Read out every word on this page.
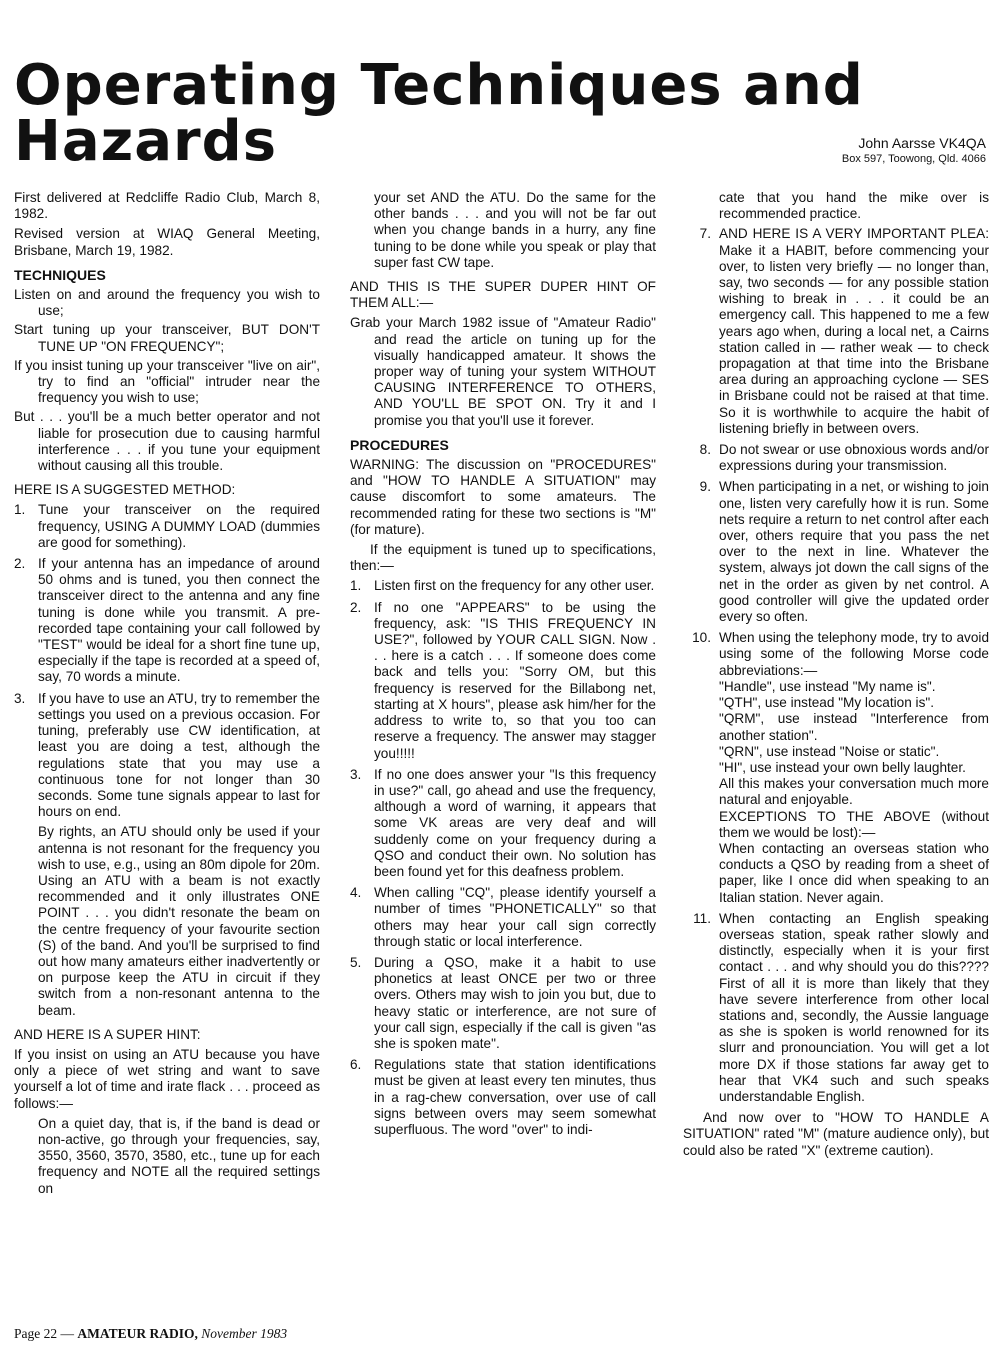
Operating Techniques and
Hazards	John Aarsse VK4QA
Box 597, Toowong, Qld. 4066

First delivered at Redcliffe Radio Club, March 8, 1982.

Revised version at WIAQ General Meeting, Brisbane, March 19, 1982.

TECHNIQUES

Listen on and around the frequency you wish to use;

Start tuning up your transceiver, BUT DON'T TUNE UP "ON FREQUENCY";

If you insist tuning up your transceiver "live on air", try to find an "official" intruder near the frequency you wish to use;

But . . . you'll be a much better operator and not liable for prosecution due to causing harmful interference . . . if you tune your equipment without causing all this trouble.

HERE IS A SUGGESTED METHOD:
1. Tune your transceiver on the required frequency, USING A DUMMY LOAD (dummies are good for something).
2. If your antenna has an impedance of around 50 ohms and is tuned, you then connect the transceiver direct to the antenna and any fine tuning is done while you transmit. A pre-recorded tape containing your call followed by "TEST" would be ideal for a short fine tune up, especially if the tape is recorded at a speed of, say, 70 words a minute.
3. If you have to use an ATU, try to remember the settings you used on a previous occasion. For tuning, preferably use CW identification, at least you are doing a test, although the regulations state that you may use a continuous tone for not longer than 30 seconds. Some tune signals appear to last for hours on end.
By rights, an ATU should only be used if your antenna is not resonant for the frequency you wish to use, e.g., using an 80m dipole for 20m. Using an ATU with a beam is not exactly recommended and it only illustrates ONE POINT . . . you didn't resonate the beam on the centre frequency of your favourite section (S) of the band. And you'll be surprised to find out how many amateurs either inadvertently or on purpose keep the ATU in circuit if they switch from a non-resonant antenna to the beam.
AND HERE IS A SUPER HINT:

If you insist on using an ATU because you have only a piece of wet string and want to save yourself a lot of time and irate flack . . . proceed as follows:—

On a quiet day, that is, if the band is dead or non-active, go through your frequencies, say, 3550, 3560, 3570, 3580, etc., tune up for each frequency and NOTE all the required settings on

your set AND the ATU. Do the same for the other bands . . . and you will not be far out when you change bands in a hurry, any fine tuning to be done while you speak or play that super fast CW tape.

AND THIS IS THE SUPER DUPER HINT OF THEM ALL:—

Grab your March 1982 issue of "Amateur Radio" and read the article on tuning up for the visually handicapped amateur. It shows the proper way of tuning your system WITHOUT CAUSING INTERFERENCE TO OTHERS, AND YOU'LL BE SPOT ON. Try it and I promise you that you'll use it forever.

PROCEDURES

WARNING: The discussion on "PROCEDURES" and "HOW TO HANDLE A SITUATION" may cause discomfort to some amateurs. The recommended rating for these two sections is "M" (for mature).

If the equipment is tuned up to specifications, then:—

1. Listen first on the frequency for any other user.
2. If no one "APPEARS" to be using the frequency, ask: "IS THIS FREQUENCY IN USE?", followed by YOUR CALL SIGN. Now . . . here is a catch . . . If someone does come back and tells you: "Sorry OM, but this frequency is reserved for the Billabong net, starting at X hours", please ask him/her for the address to write to, so that you too can reserve a frequency. The answer may stagger you!!!!!
3. If no one does answer your "Is this frequency in use?" call, go ahead and use the frequency, although a word of warning, it appears that some VK areas are very deaf and will suddenly come on your frequency during a QSO and conduct their own. No solution has been found yet for this deafness problem.
4. When calling "CQ", please identify yourself a number of times "PHONETICALLY" so that others may hear your call sign correctly through static or local interference.
5. During a QSO, make it a habit to use phonetics at least ONCE per two or three overs. Others may wish to join you but, due to heavy static or interference, are not sure of your call sign, especially if the call is given "as she is spoken mate".
6. Regulations state that station identifications must be given at least every ten minutes, thus in a rag-chew conversation, over use of call signs between overs may seem somewhat superfluous. The word "over" to indi-

cate that you hand the mike over is recommended practice.

7. AND HERE IS A VERY IMPORTANT PLEA: Make it a HABIT, before commencing your over, to listen very briefly — no longer than, say, two seconds — for any possible station wishing to break in . . . it could be an emergency call. This happened to me a few years ago when, during a local net, a Cairns station called in — rather weak — to check propagation at that time into the Brisbane area during an approaching cyclone — SES in Brisbane could not be raised at that time. So it is worthwhile to acquire the habit of listening briefly in between overs.
8. Do not swear or use obnoxious words and/or expressions during your transmission.
9. When participating in a net, or wishing to join one, listen very carefully how it is run. Some nets require a return to net control after each over, others require that you pass the net over to the next in line. Whatever the system, always jot down the call signs of the net in the order as given by net control. A good controller will give the updated order every so often.
10. When using the telephony mode, try to avoid using some of the following Morse code abbreviations:—
"Handle", use instead "My name is".
"QTH", use instead "My location is".
"QRM", use instead "Interference from another station".
"QRN", use instead "Noise or static".
"HI", use instead your own belly laughter.
All this makes your conversation much more natural and enjoyable.
EXCEPTIONS TO THE ABOVE (without them we would be lost):—
When contacting an overseas station who conducts a QSO by reading from a sheet of paper, like I once did when speaking to an Italian station. Never again.
11. When contacting an English speaking overseas station, speak rather slowly and distinctly, especially when it is your first contact . . . and why should you do this???? First of all it is more than likely that they have severe interference from other local stations and, secondly, the Aussie language as she is spoken is world renowned for its slurr and pronounciation. You will get a lot more DX if those stations far away get to hear that VK4 such and such speaks understandable English.

And now over to "HOW TO HANDLE A SITUATION" rated "M" (mature audience only), but could also be rated "X" (extreme caution).

Page 22 — AMATEUR RADIO, November 1983
